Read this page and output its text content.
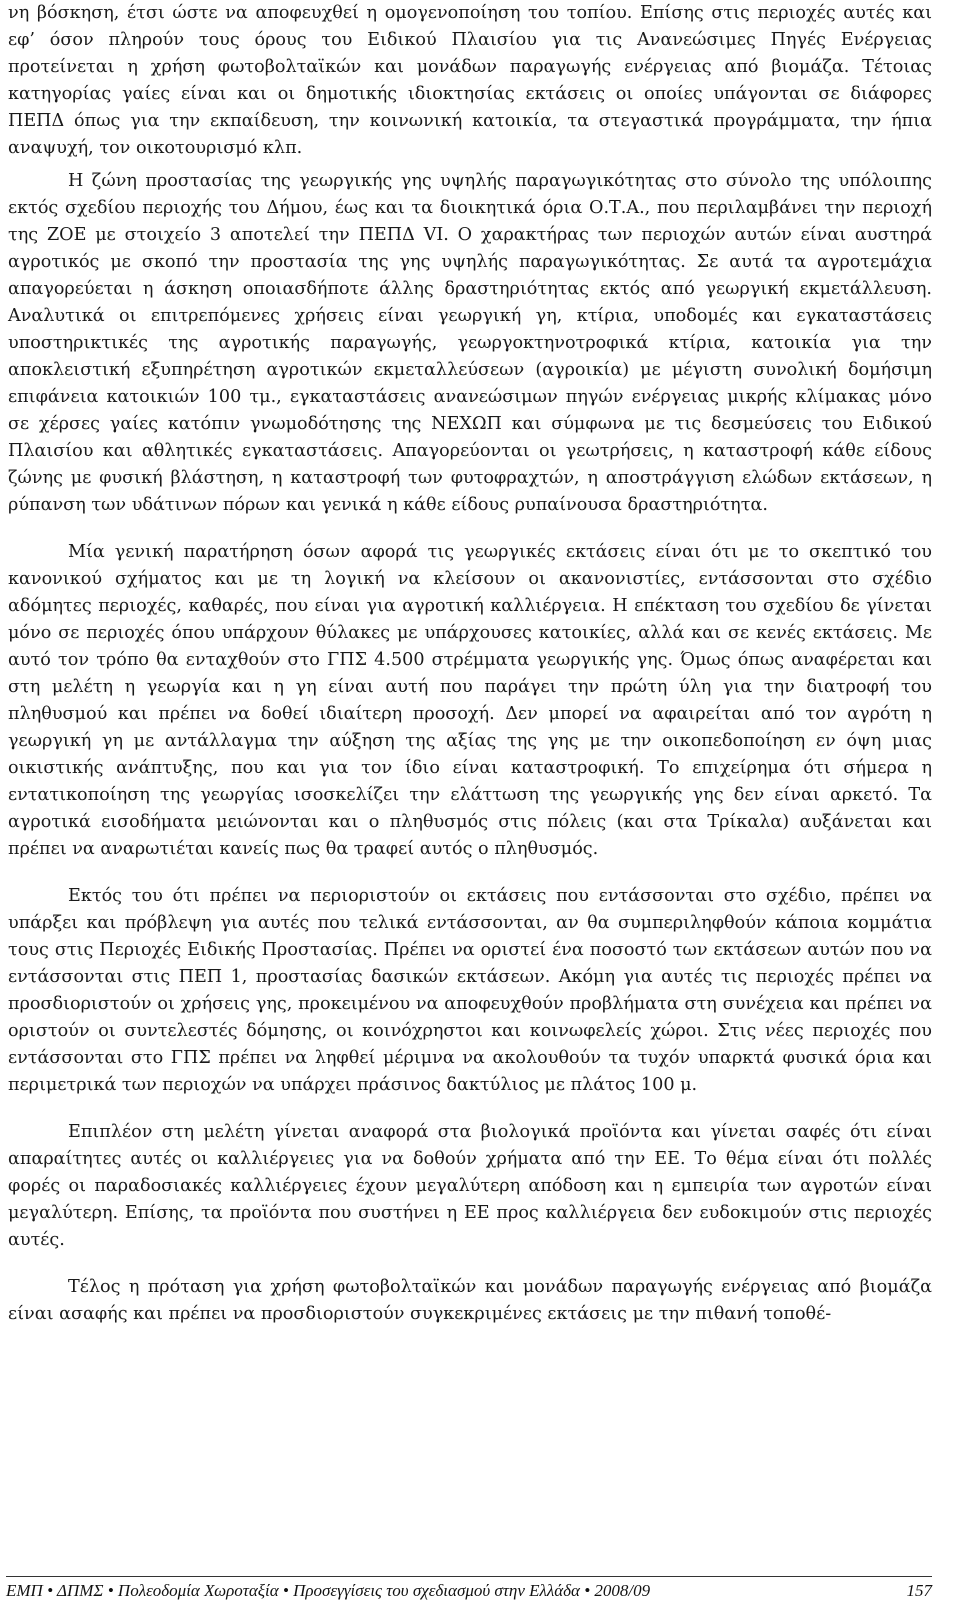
νη βόσκηση, έτσι ώστε να αποφευχθεί η ομογενοποίηση του τοπίου. Επίσης στις περιοχές αυτές και εφ’ όσον πληρούν τους όρους του Ειδικού Πλαισίου για τις Ανανεώσιμες Πηγές Ενέργειας προτείνεται η χρήση φωτοβολταϊκών και μονάδων παραγωγής ενέργειας από βιομάζα. Τέτοιας κατηγορίας γαίες είναι και οι δημοτικής ιδιοκτησίας εκτάσεις οι οποίες υπάγονται σε διάφορες ΠΕΠΔ όπως για την εκπαίδευση, την κοινωνική κατοικία, τα στεγαστικά προγράμματα, την ήπια αναψυχή, τον οικοτουρισμό κλπ.

Η ζώνη προστασίας της γεωργικής γης υψηλής παραγωγικότητας στο σύνολο της υπόλοιπης εκτός σχεδίου περιοχής του Δήμου, έως και τα διοικητικά όρια Ο.Τ.Α., που περιλαμβάνει την περιοχή της ΖΟΕ με στοιχείο 3 αποτελεί την ΠΕΠΔ VI. Ο χαρακτήρας των περιοχών αυτών είναι αυστηρά αγροτικός με σκοπό την προστασία της γης υψηλής παραγωγικότητας. Σε αυτά τα αγροτεμάχια απαγορεύεται η άσκηση οποιασδήποτε άλλης δραστηριότητας εκτός από γεωργική εκμετάλλευση. Αναλυτικά οι επιτρεπόμενες χρήσεις είναι γεωργική γη, κτίρια, υποδομές και εγκαταστάσεις υποστηρικτικές της αγροτικής παραγωγής, γεωργοκτηνοτροφικά κτίρια, κατοικία για την αποκλειστική εξυπηρέτηση αγροτικών εκμεταλλεύσεων (αγροικία) με μέγιστη συνολική δομήσιμη επιφάνεια κατοικιών 100 τμ., εγκαταστάσεις ανανεώσιμων πηγών ενέργειας μικρής κλίμακας μόνο σε χέρσες γαίες κατόπιν γνωμοδότησης της ΝΕΧΩΠ και σύμφωνα με τις δεσμεύσεις του Ειδικού Πλαισίου και αθλητικές εγκαταστάσεις. Απαγορεύονται οι γεωτρήσεις, η καταστροφή κάθε είδους ζώνης με φυσική βλάστηση, η καταστροφή των φυτοφραχτών, η αποστράγγιση ελώδων εκτάσεων, η ρύπανση των υδάτινων πόρων και γενικά η κάθε είδους ρυπαίνουσα δραστηριότητα.

Μία γενική παρατήρηση όσων αφορά τις γεωργικές εκτάσεις είναι ότι με το σκεπτικό του κανονικού σχήματος και με τη λογική να κλείσουν οι ακανονιστίες, εντάσσονται στο σχέδιο αδόμητες περιοχές, καθαρές, που είναι για αγροτική καλλιέργεια. Η επέκταση του σχεδίου δε γίνεται μόνο σε περιοχές όπου υπάρχουν θύλακες με υπάρχουσες κατοικίες, αλλά και σε κενές εκτάσεις. Με αυτό τον τρόπο θα ενταχθούν στο ΓΠΣ 4.500 στρέμματα γεωργικής γης. Όμως όπως αναφέρεται και στη μελέτη η γεωργία και η γη είναι αυτή που παράγει την πρώτη ύλη για την διατροφή του πληθυσμού και πρέπει να δοθεί ιδιαίτερη προσοχή. Δεν μπορεί να αφαιρείται από τον αγρότη η γεωργική γη με αντάλλαγμα την αύξηση της αξίας της γης με την οικοπεδοποίηση εν όψη μιας οικιστικής ανάπτυξης, που και για τον ίδιο είναι καταστροφική. Το επιχείρημα ότι σήμερα η εντατικοποίηση της γεωργίας ισοσκελίζει την ελάττωση της γεωργικής γης δεν είναι αρκετό. Τα αγροτικά εισοδήματα μειώνονται και ο πληθυσμός στις πόλεις (και στα Τρίκαλα) αυξάνεται και πρέπει να αναρωτιέται κανείς πως θα τραφεί αυτός ο πληθυσμός.

Εκτός του ότι πρέπει να περιοριστούν οι εκτάσεις που εντάσσονται στο σχέδιο, πρέπει να υπάρξει και πρόβλεψη για αυτές που τελικά εντάσσονται, αν θα συμπεριληφθούν κάποια κομμάτια τους στις Περιοχές Ειδικής Προστασίας. Πρέπει να οριστεί ένα ποσοστό των εκτάσεων αυτών που να εντάσσονται στις ΠΕΠ 1, προστασίας δασικών εκτάσεων. Ακόμη για αυτές τις περιοχές πρέπει να προσδιοριστούν οι χρήσεις γης, προκειμένου να αποφευχθούν προβλήματα στη συνέχεια και πρέπει να οριστούν οι συντελεστές δόμησης, οι κοινόχρηστοι και κοινωφελείς χώροι. Στις νέες περιοχές που εντάσσονται στο ΓΠΣ πρέπει να ληφθεί μέριμνα να ακολουθούν τα τυχόν υπαρκτά φυσικά όρια και περιμετρικά των περιοχών να υπάρχει πράσινος δακτύλιος με πλάτος 100 μ.

Επιπλέον στη μελέτη γίνεται αναφορά στα βιολογικά προϊόντα και γίνεται σαφές ότι είναι απαραίτητες αυτές οι καλλιέργειες για να δοθούν χρήματα από την ΕΕ. Το θέμα είναι ότι πολλές φορές οι παραδοσιακές καλλιέργειες έχουν μεγαλύτερη απόδοση και η εμπειρία των αγροτών είναι μεγαλύτερη. Επίσης, τα προϊόντα που συστήνει η ΕΕ προς καλλιέργεια δεν ευδοκιμούν στις περιοχές αυτές.

Τέλος η πρόταση για χρήση φωτοβολταϊκών και μονάδων παραγωγής ενέργειας από βιομάζα είναι ασαφής και πρέπει να προσδιοριστούν συγκεκριμένες εκτάσεις με την πιθανή τοποθέ-

ΕΜΠ • ΔΠΜΣ • Πολεοδομία Χωροταξία • Προσεγγίσεις του σχεδιασμού στην Ελλάδα • 2008/09	157
